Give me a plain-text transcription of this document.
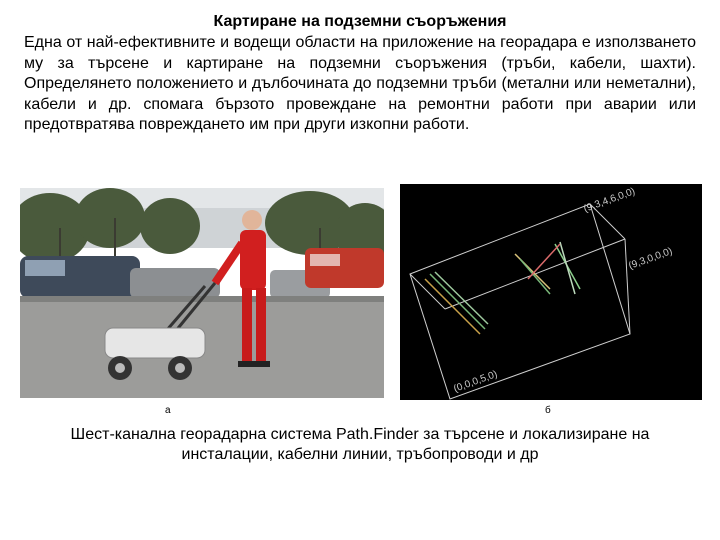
Картиране на подземни съоръжения
Една от най-ефективните и водещи области на приложение на георадара е използването му за търсене и картиране на подземни съоръжения (тръби, кабели, шахти). Определянето положението и дълбочината до подземни тръби (метални или неметални), кабели и др. спомага бързото провеждане на ремонтни работи при аварии или предотвратява повреждането им при други изкопни работи.
(9,3,4,6,0,0)
(9,3,0,0,0)
(0,0,0,5,0)
а	б
Шест-канална георадарна система Path.Finder за търсене и локализиране на
инсталации, кабелни линии, тръбопроводи и др
